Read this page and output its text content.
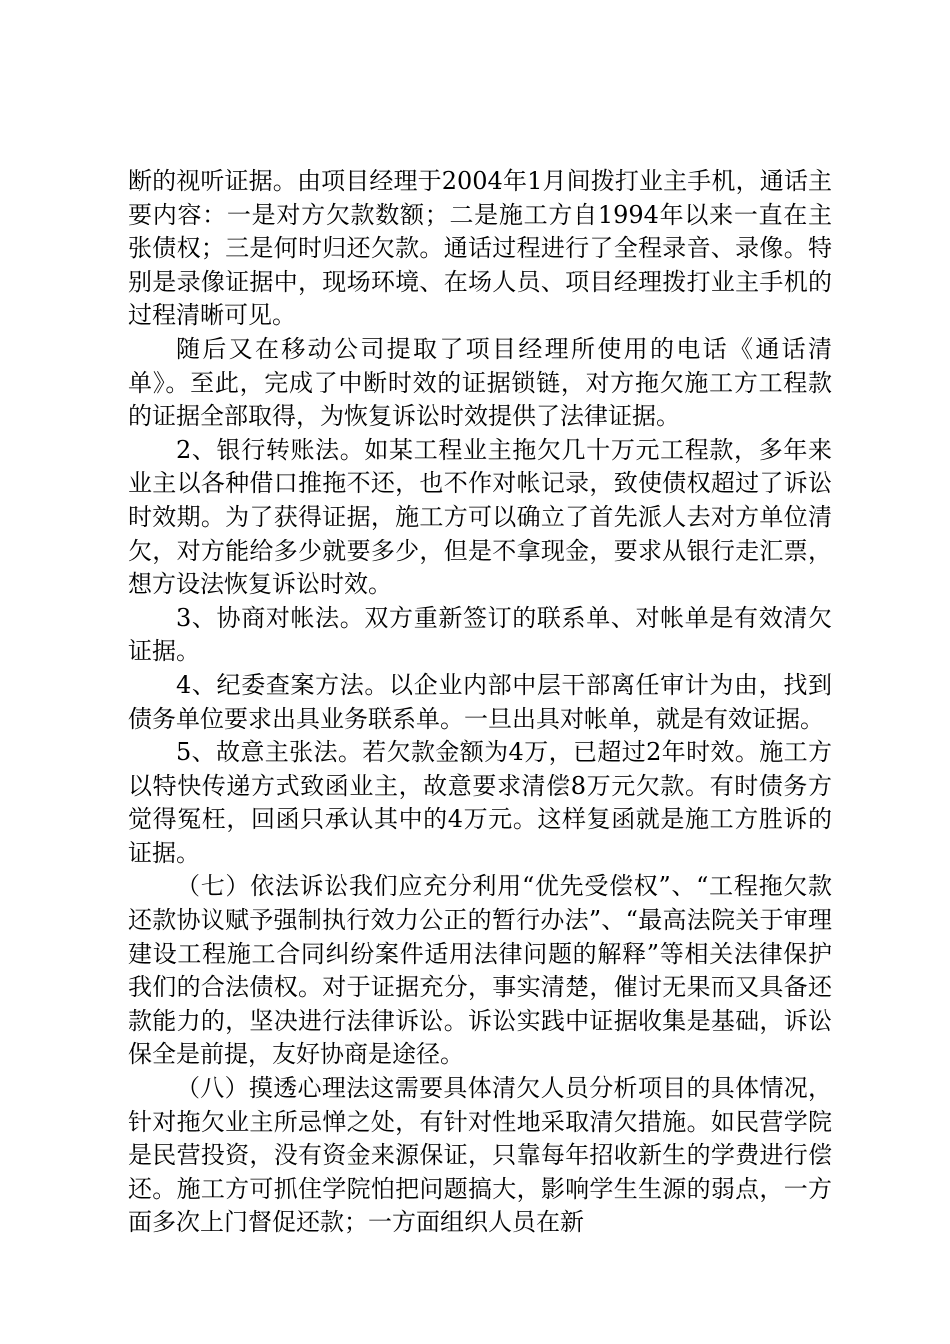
断的视听证据。由项目经理于2004年1月间拨打业主手机，通话主要内容：一是对方欠款数额；二是施工方自1994年以来一直在主张债权；三是何时归还欠款。通话过程进行了全程录音、录像。特别是录像证据中，现场环境、在场人员、项目经理拨打业主手机的过程清晰可见。

随后又在移动公司提取了项目经理所使用的电话《通话清单》。至此，完成了中断时效的证据锁链，对方拖欠施工方工程款的证据全部取得，为恢复诉讼时效提供了法律证据。

2、银行转账法。如某工程业主拖欠几十万元工程款，多年来业主以各种借口推拖不还，也不作对帐记录，致使债权超过了诉讼时效期。为了获得证据，施工方可以确立了首先派人去对方单位清欠，对方能给多少就要多少，但是不拿现金，要求从银行走汇票，想方设法恢复诉讼时效。

3、协商对帐法。双方重新签订的联系单、对帐单是有效清欠证据。

4、纪委查案方法。以企业内部中层干部离任审计为由，找到债务单位要求出具业务联系单。一旦出具对帐单，就是有效证据。

5、故意主张法。若欠款金额为4万，已超过2年时效。施工方以特快传递方式致函业主，故意要求清偿8万元欠款。有时债务方觉得冤枉，回函只承认其中的4万元。这样复函就是施工方胜诉的证据。

（七）依法诉讼我们应充分利用“优先受偿权”、“工程拖欠款还款协议赋予强制执行效力公正的暂行办法”、“最高法院关于审理建设工程施工合同纠纷案件适用法律问题的解释”等相关法律保护我们的合法债权。对于证据充分，事实清楚，催讨无果而又具备还款能力的，坚决进行法律诉讼。诉讼实践中证据收集是基础，诉讼保全是前提，友好协商是途径。

（八）摸透心理法这需要具体清欠人员分析项目的具体情况，针对拖欠业主所忌惮之处，有针对性地采取清欠措施。如民营学院是民营投资，没有资金来源保证，只靠每年招收新生的学费进行偿还。施工方可抓住学院怕把问题搞大，影响学生生源的弱点，一方面多次上门督促还款；一方面组织人员在新
